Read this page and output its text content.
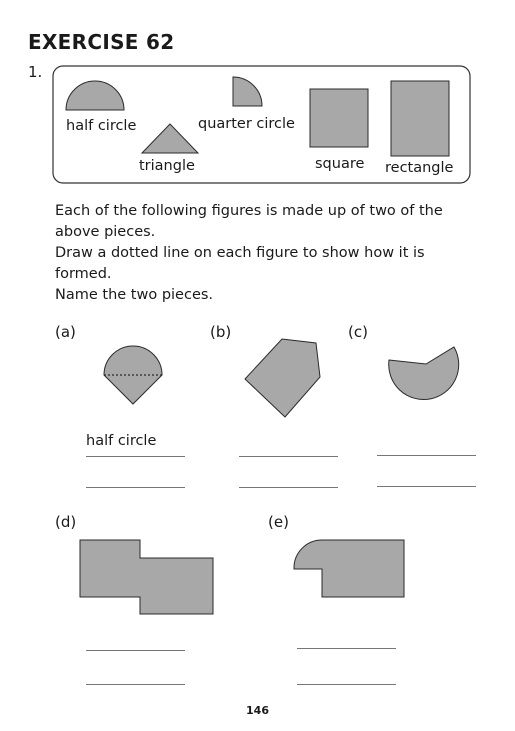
EXERCISE 62
1.
half circle
triangle
quarter circle
square rectangle
Each of the following figures is made up of two of the
above pieces.
Draw a dotted line on each figure to show how it is
formed.
Name the two pieces.
(a)	(b)	(c)
(d)	(e)
half circle
146
